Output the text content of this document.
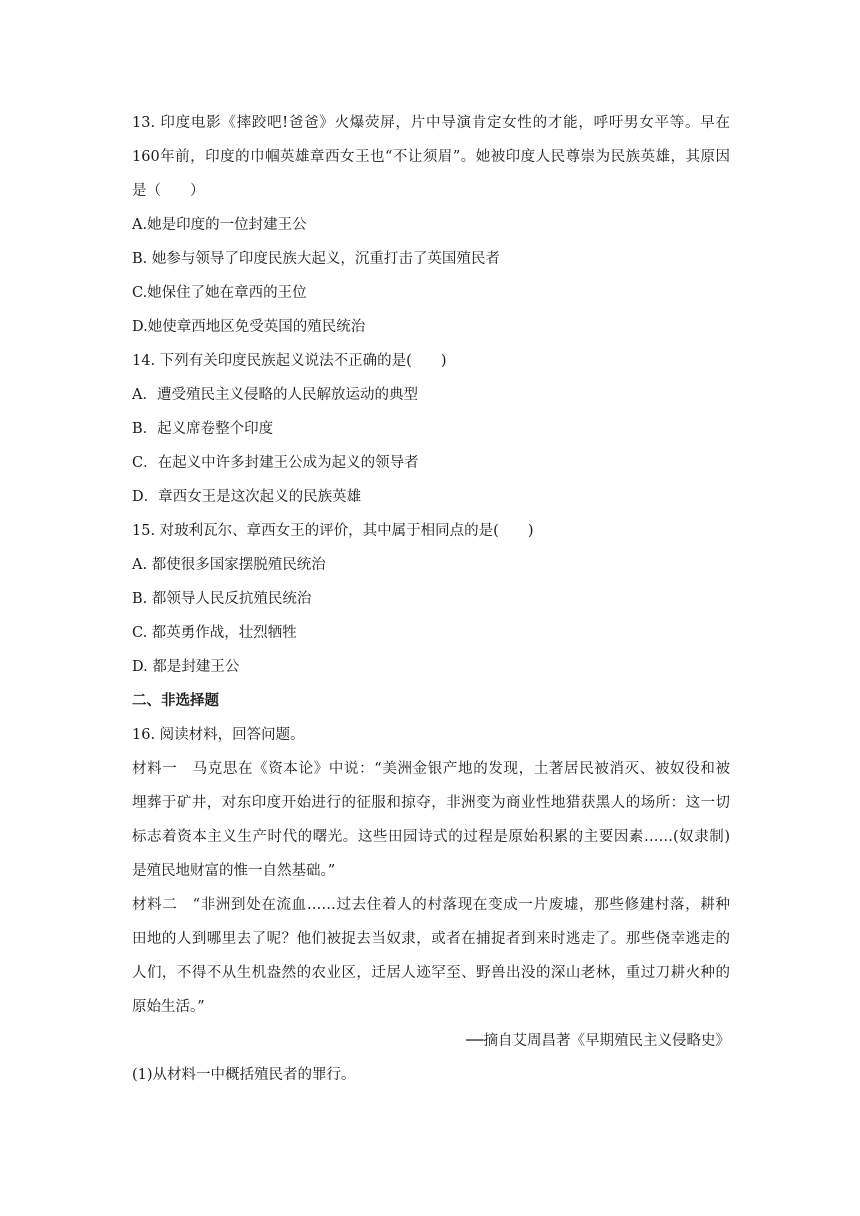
13. 印度电影《摔跤吧!爸爸》火爆荧屏，片中导演肯定女性的才能，呼吁男女平等。早在
160年前，印度的巾帼英雄章西女王也“不让须眉”。她被印度人民尊崇为民族英雄，其原因
是（　　）
A.她是印度的一位封建王公
B. 她参与领导了印度民族大起义，沉重打击了英国殖民者
C.她保住了她在章西的王位
D.她使章西地区免受英国的殖民统治
14. 下列有关印度民族起义说法不正确的是(　　)
A．遭受殖民主义侵略的人民解放运动的典型
B．起义席卷整个印度
C．在起义中许多封建王公成为起义的领导者
D．章西女王是这次起义的民族英雄
15. 对玻利瓦尔、章西女王的评价，其中属于相同点的是(　　)
A. 都使很多国家摆脱殖民统治
B. 都领导人民反抗殖民统治
C. 都英勇作战，壮烈牺牲
D. 都是封建王公
二、非选择题
16. 阅读材料，回答问题。
材料一　马克思在《资本论》中说：“美洲金银产地的发现，土著居民被消灭、被奴役和被
埋葬于矿井，对东印度开始进行的征服和掠夺，非洲变为商业性地猎获黑人的场所：这一切
标志着资本主义生产时代的曙光。这些田园诗式的过程是原始积累的主要因素……(奴隶制)
是殖民地财富的惟一自然基础。”
材料二　“非洲到处在流血……过去住着人的村落现在变成一片废墟，那些修建村落，耕种
田地的人到哪里去了呢？他们被捉去当奴隶，或者在捕捉者到来时逃走了。那些侥幸逃走的
人们，不得不从生机盎然的农业区，迁居人迹罕至、野兽出没的深山老林，重过刀耕火种的
原始生活。”
──摘自艾周昌著《早期殖民主义侵略史》
(1)从材料一中概括殖民者的罪行。
